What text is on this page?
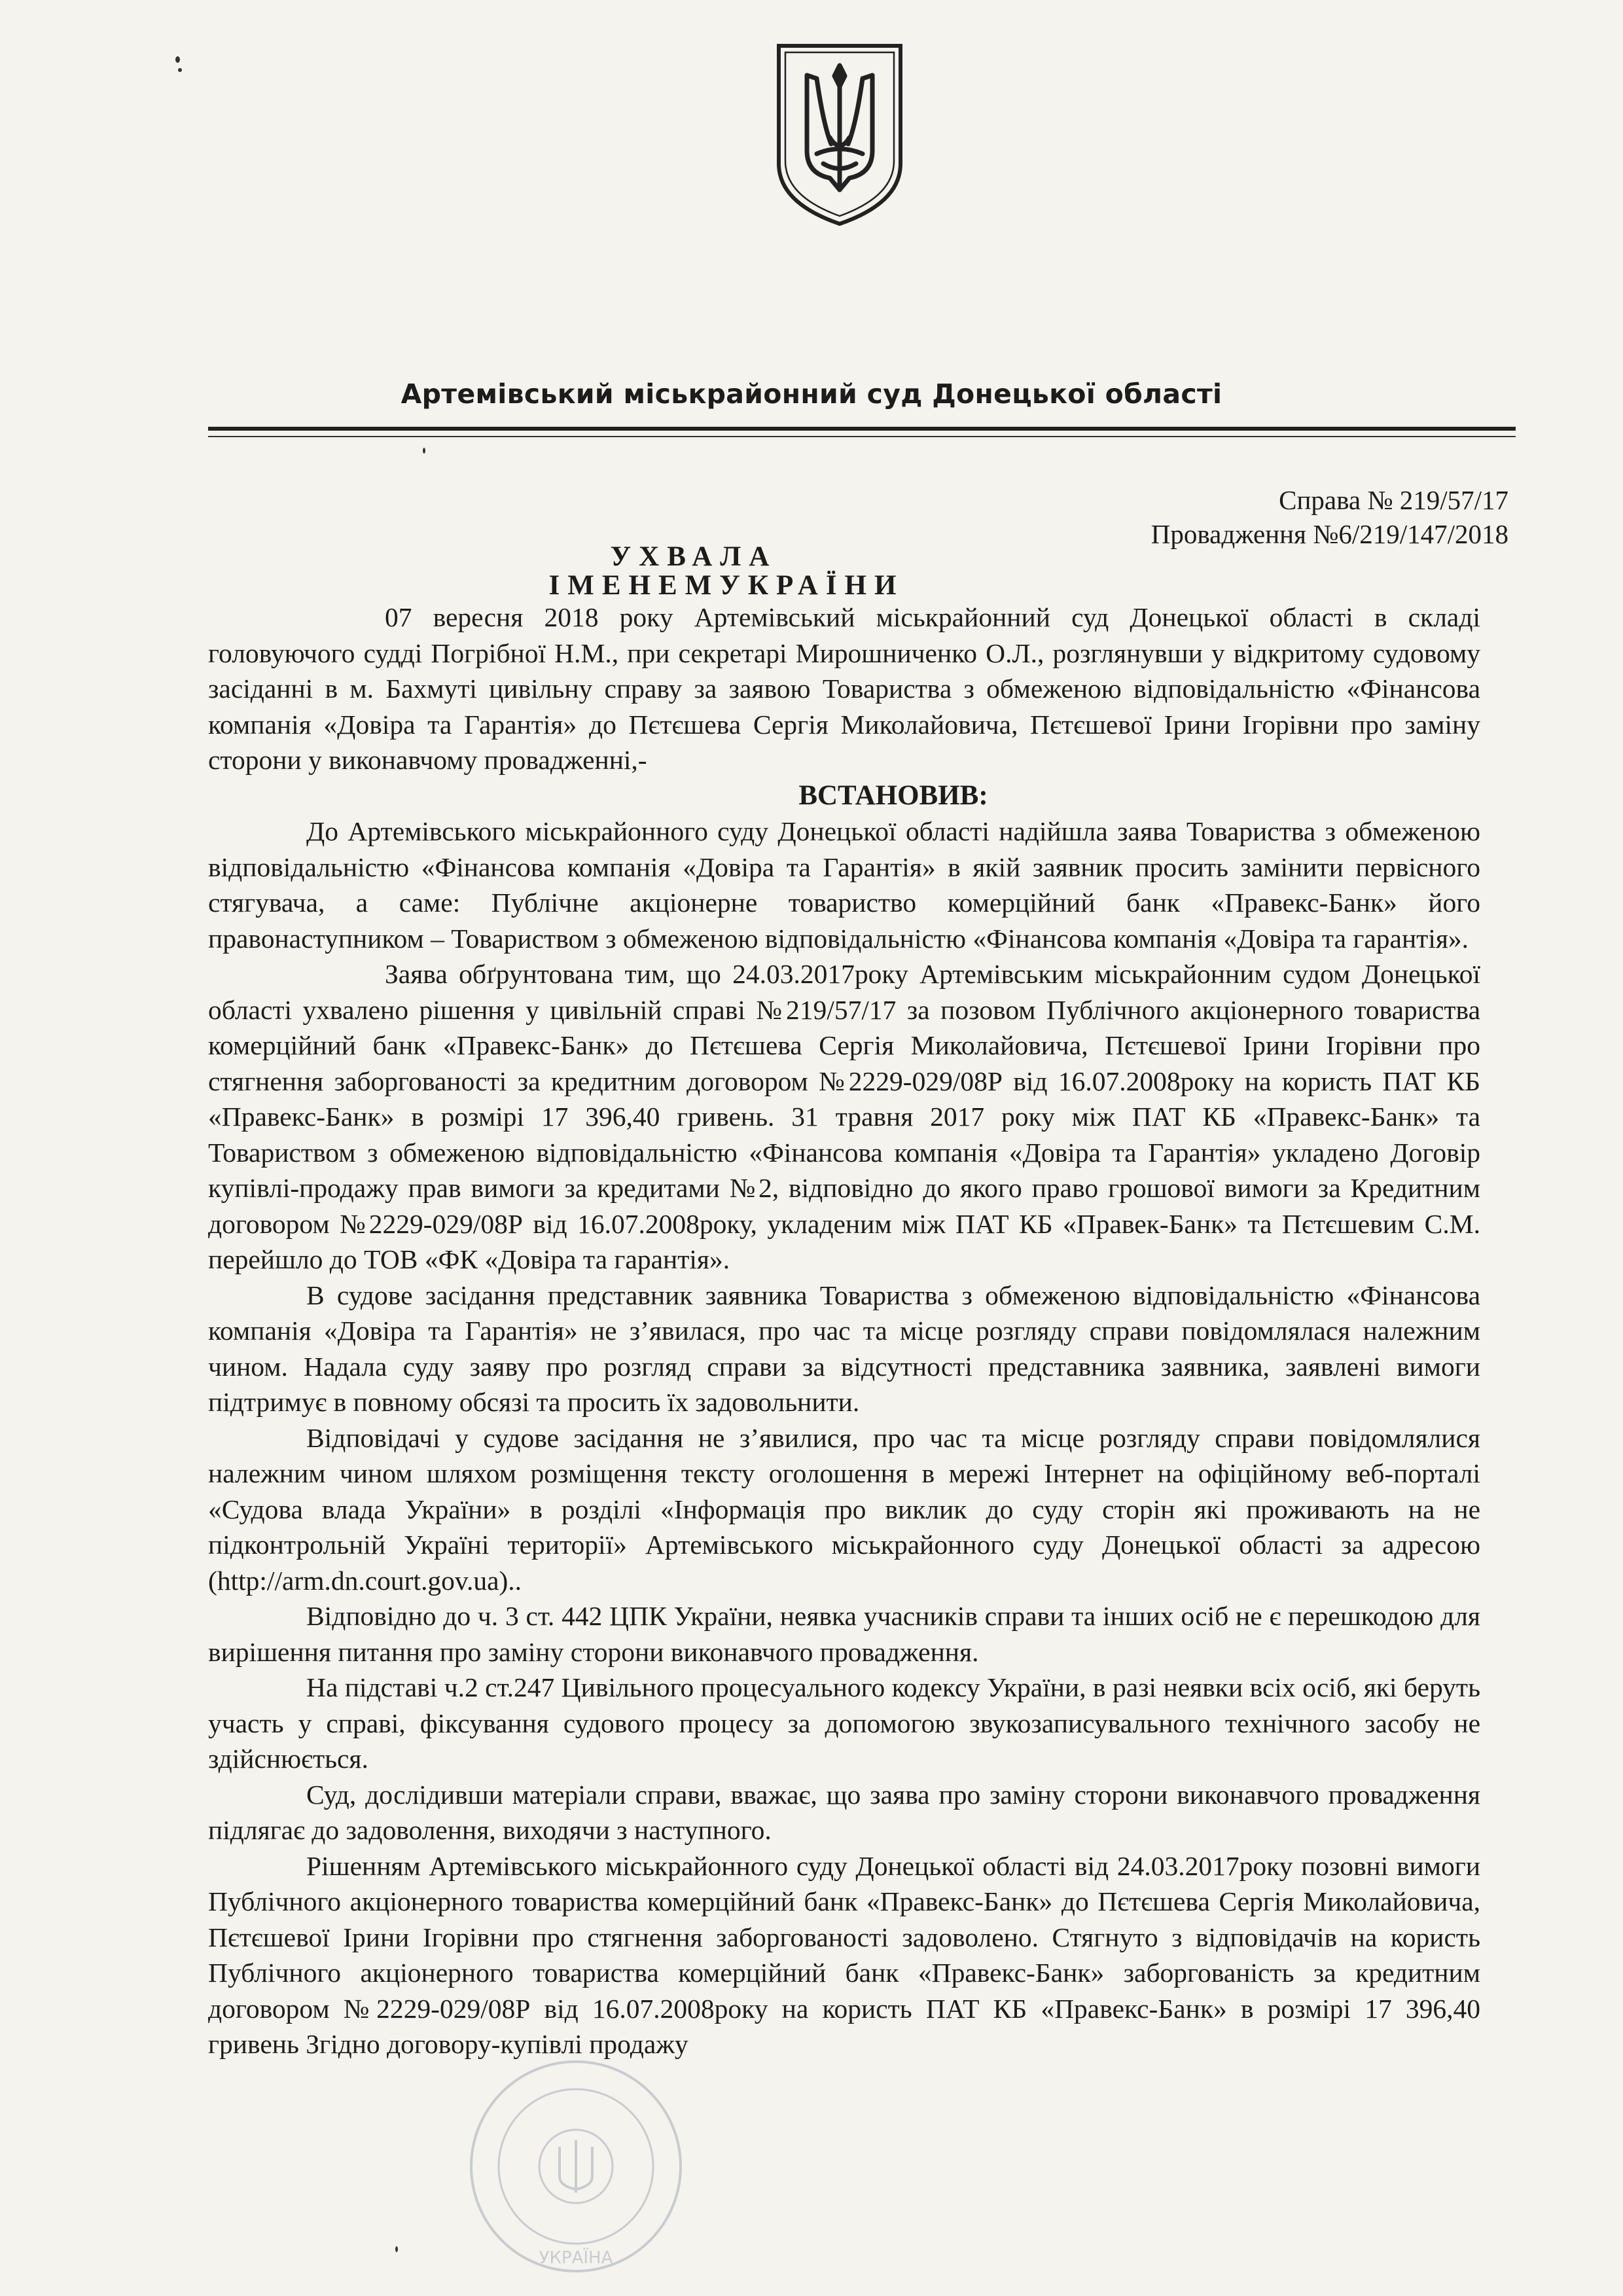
Артемівський міськрайонний суд Донецької області
Справа № 219/57/17
Провадження №6/219/147/2018
УХВАЛА
ІМЕНЕМУКРАЇНИ

07 вересня 2018 року Артемівський міськрайонний суд Донецької області в складі головуючого судді Погрібної Н.М., при секретарі Мирошниченко О.Л., розглянувши у відкритому судовому засіданні в м. Бахмуті цивільну справу за заявою Товариства з обмеженою відповідальністю «Фінансова компанія «Довіра та Гарантія» до Пєтєшева Сергія Миколайовича, Пєтєшевої Ірини Ігорівни про заміну сторони у виконавчому провадженні,-

ВСТАНОВИВ:

До Артемівського міськрайонного суду Донецької області надійшла заява Товариства з обмеженою відповідальністю «Фінансова компанія «Довіра та Гарантія» в якій заявник просить замінити первісного стягувача, а саме: Публічне акціонерне товариство комерційний банк «Правекс-Банк» його правонаступником – Товариством з обмеженою відповідальністю «Фінансова компанія «Довіра та гарантія».

Заява обґрунтована тим, що 24.03.2017року Артемівським міськрайонним судом Донецької області ухвалено рішення у цивільній справі №219/57/17 за позовом Публічного акціонерного товариства комерційний банк «Правекс-Банк» до Пєтєшева Сергія Миколайовича, Пєтєшевої Ірини Ігорівни про стягнення заборгованості за кредитним договором №2229-029/08Р від 16.07.2008року на користь ПАТ КБ «Правекс-Банк» в розмірі 17 396,40 гривень. 31 травня 2017 року між ПАТ КБ «Правекс-Банк» та Товариством з обмеженою відповідальністю «Фінансова компанія «Довіра та Гарантія» укладено Договір купівлі-продажу прав вимоги за кредитами №2, відповідно до якого право грошової вимоги за Кредитним договором №2229-029/08Р від 16.07.2008року, укладеним між ПАТ КБ «Правек-Банк» та Пєтєшевим С.М. перейшло до ТОВ «ФК «Довіра та гарантія».

В судове засідання представник заявника Товариства з обмеженою відповідальністю «Фінансова компанія «Довіра та Гарантія» не з’явилася, про час та місце розгляду справи повідомлялася належним чином. Надала суду заяву про розгляд справи за відсутності представника заявника, заявлені вимоги підтримує в повному обсязі та просить їх задовольнити.

Відповідачі у судове засідання не з’явилися, про час та місце розгляду справи повідомлялися належним чином шляхом розміщення тексту оголошення в мережі Інтернет на офіційному веб-порталі «Судова влада України» в розділі «Інформація про виклик до суду сторін які проживають на не підконтрольній Україні території» Артемівського міськрайонного суду Донецької області за адресою (http://arm.dn.court.gov.ua)..

Відповідно до ч. 3 ст. 442 ЦПК України, неявка учасників справи та інших осіб не є перешкодою для вирішення питання про заміну сторони виконавчого провадження.

На підставі ч.2 ст.247 Цивільного процесуального кодексу України, в разі неявки всіх осіб, які беруть участь у справі, фіксування судового процесу за допомогою звукозаписувального технічного засобу не здійснюється.

Суд, дослідивши матеріали справи, вважає, що заява про заміну сторони виконавчого провадження підлягає до задоволення, виходячи з наступного.

Рішенням Артемівського міськрайонного суду Донецької області від 24.03.2017року позовні вимоги Публічного акціонерного товариства комерційний банк «Правекс-Банк» до Пєтєшева Сергія Миколайовича, Пєтєшевої Ірини Ігорівни про стягнення заборгованості задоволено. Стягнуто з відповідачів на користь Публічного акціонерного товариства комерційний банк «Правекс-Банк» заборгованість за кредитним договором №2229-029/08Р від 16.07.2008року на користь ПАТ КБ «Правекс-Банк» в розмірі 17 396,40 гривень Згідно договору-купівлі продажу

УКРАЇНА
